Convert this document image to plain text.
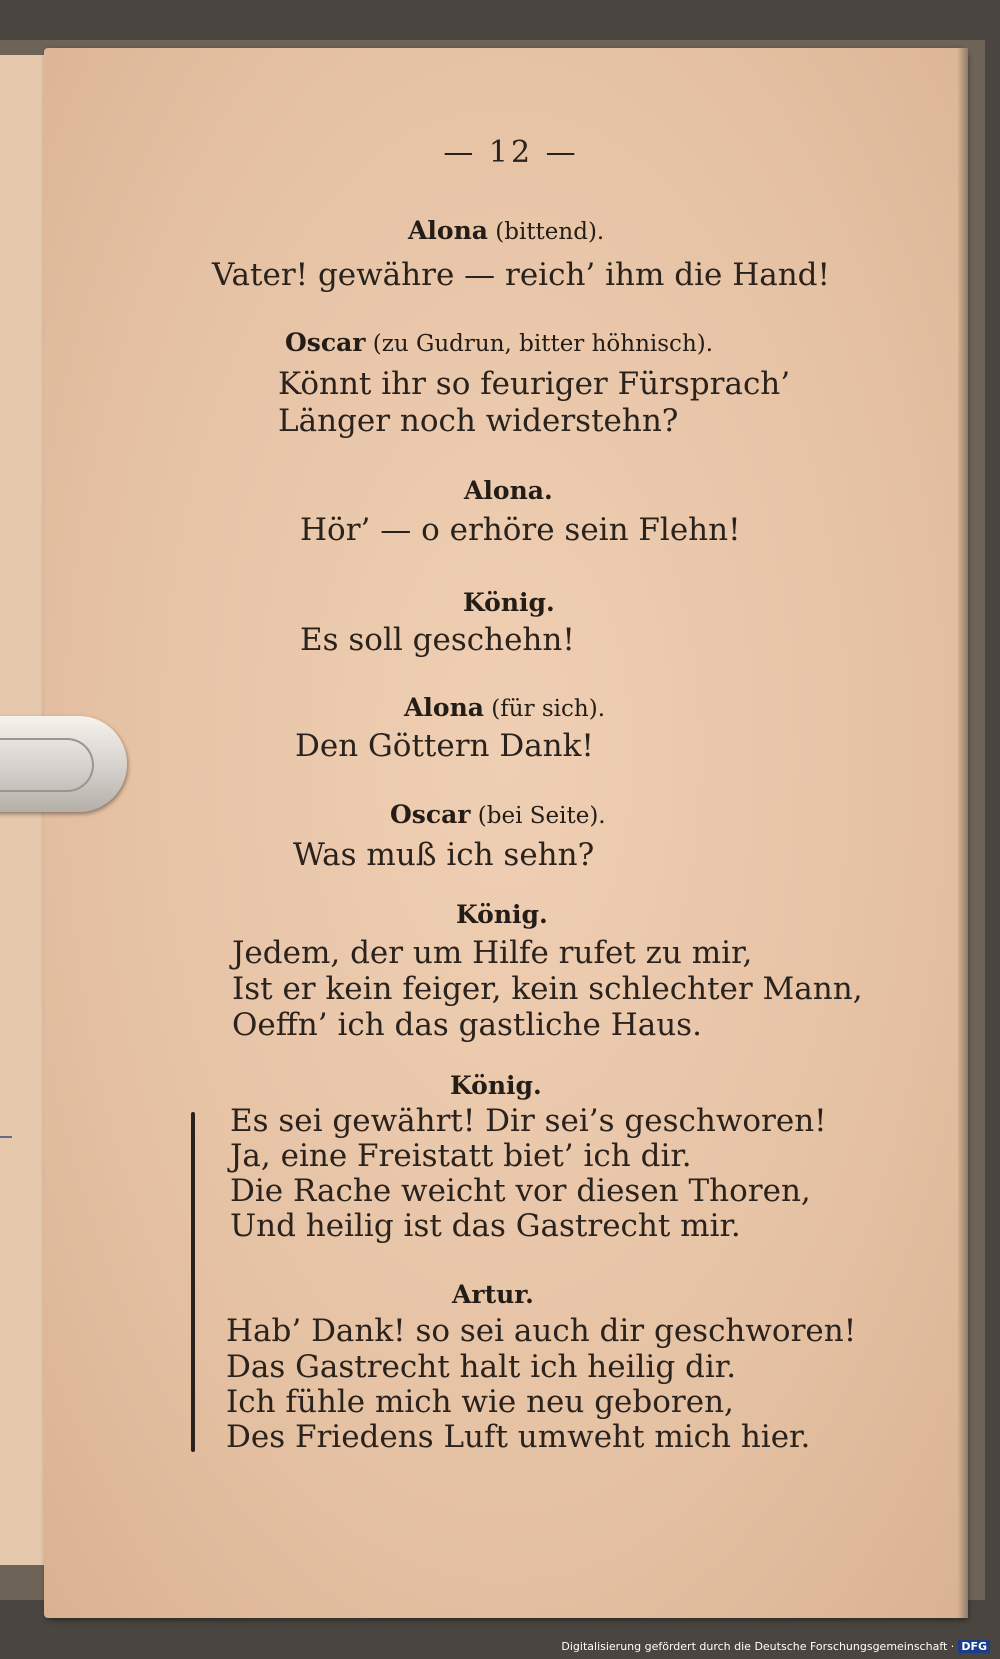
— 12 —
Alona (bittend).
Vater! gewähre — reich’ ihm die Hand!
Oscar (zu Gudrun, bitter höhnisch).
Könnt ihr so feuriger Fürsprach’
Länger noch widerstehn?
Alona.
Hör’ — o erhöre sein Flehn!
König.
Es soll geschehn!
Alona (für sich).
Den Göttern Dank!
Oscar (bei Seite).
Was muß ich sehn?
König.
Jedem, der um Hilfe rufet zu mir,
Ist er kein feiger, kein schlechter Mann,
Oeffn’ ich das gastliche Haus.
König.
Es sei gewährt! Dir sei’s geschworen!
Ja, eine Freistatt biet’ ich dir.
Die Rache weicht vor diesen Thoren,
Und heilig ist das Gastrecht mir.
Artur.
Hab’ Dank! so sei auch dir geschworen!
Das Gastrecht halt ich heilig dir.
Ich fühle mich wie neu geboren,
Des Friedens Luft umweht mich hier.
Digitalisierung gefördert durch die Deutsche Forschungsgemeinschaft · DFG
